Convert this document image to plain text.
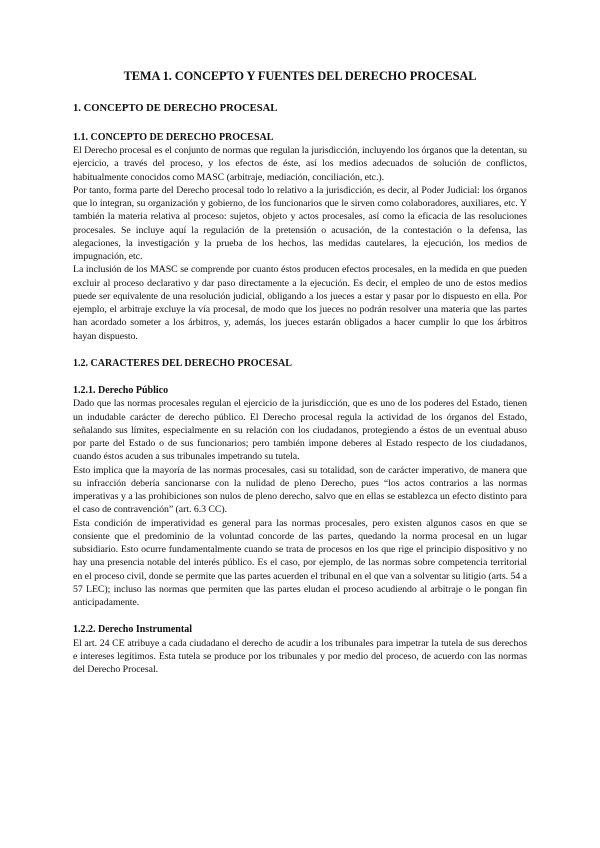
TEMA 1. CONCEPTO Y FUENTES DEL DERECHO PROCESAL
1. CONCEPTO DE DERECHO PROCESAL
1.1. CONCEPTO DE DERECHO PROCESAL

El Derecho procesal es el conjunto de normas que regulan la jurisdicción, incluyendo los órganos que la detentan, su ejercicio, a través del proceso, y los efectos de éste, así los medios adecuados de solución de conflictos, habitualmente conocidos como MASC (arbitraje, mediación, conciliación, etc.).

Por tanto, forma parte del Derecho procesal todo lo relativo a la jurisdicción, es decir, al Poder Judicial: los órganos que lo integran, su organización y gobierno, de los funcionarios que le sirven como colaboradores, auxiliares, etc. Y también la materia relativa al proceso: sujetos, objeto y actos procesales, así como la eficacia de las resoluciones procesales. Se incluye aquí la regulación de la pretensión o acusación, de la contestación o la defensa, las alegaciones, la investigación y la prueba de los hechos, las medidas cautelares, la ejecución, los medios de impugnación, etc.

La inclusión de los MASC se comprende por cuanto éstos producen efectos procesales, en la medida en que pueden excluir al proceso declarativo y dar paso directamente a la ejecución. Es decir, el empleo de uno de estos medios puede ser equivalente de una resolución judicial, obligando a los jueces a estar y pasar por lo dispuesto en ella. Por ejemplo, el arbitraje excluye la vía procesal, de modo que los jueces no podrán resolver una materia que las partes han acordado someter a los árbitros, y, además, los jueces estarán obligados a hacer cumplir lo que los árbitros hayan dispuesto.

1.2. CARACTERES DEL DERECHO PROCESAL
1.2.1. Derecho Público

Dado que las normas procesales regulan el ejercicio de la jurisdicción, que es uno de los poderes del Estado, tienen un indudable carácter de derecho público. El Derecho procesal regula la actividad de los órganos del Estado, señalando sus límites, especialmente en su relación con los ciudadanos, protegiendo a éstos de un eventual abuso por parte del Estado o de sus funcionarios; pero también impone deberes al Estado respecto de los ciudadanos, cuando éstos acuden a sus tribunales impetrando su tutela.

Esto implica que la mayoría de las normas procesales, casi su totalidad, son de carácter imperativo, de manera que su infracción debería sancionarse con la nulidad de pleno Derecho, pues “los actos contrarios a las normas imperativas y a las prohibiciones son nulos de pleno derecho, salvo que en ellas se establezca un efecto distinto para el caso de contravención” (art. 6.3 CC).

Esta condición de imperatividad es general para las normas procesales, pero existen algunos casos en que se consiente que el predominio de la voluntad concorde de las partes, quedando la norma procesal en un lugar subsidiario. Esto ocurre fundamentalmente cuando se trata de procesos en los que rige el principio dispositivo y no hay una presencia notable del interés público. Es el caso, por ejemplo, de las normas sobre competencia territorial en el proceso civil, donde se permite que las partes acuerden el tribunal en el que van a solventar su litigio (arts. 54 a 57 LEC); incluso las normas que permiten que las partes eludan el proceso acudiendo al arbitraje o le pongan fin anticipadamente.

1.2.2. Derecho Instrumental

El art. 24 CE atribuye a cada ciudadano el derecho de acudir a los tribunales para impetrar la tutela de sus derechos e intereses legítimos. Esta tutela se produce por los tribunales y por medio del proceso, de acuerdo con las normas del Derecho Procesal.
